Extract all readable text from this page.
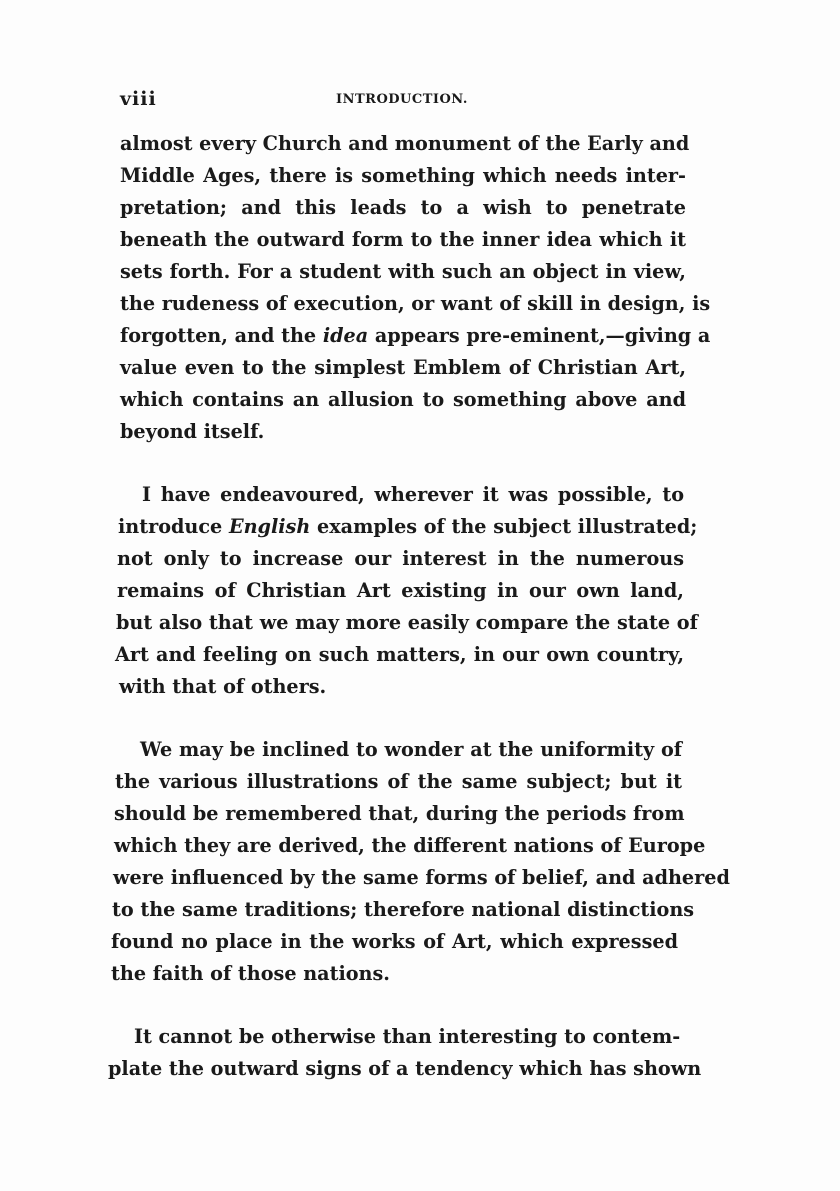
viii	INTRODUCTION.
almost every Church and monument of the Early and
Middle Ages, there is something which needs inter-
pretation; and this leads to a wish to penetrate
beneath the outward form to the inner idea which it
sets forth. For a student with such an object in view,
the rudeness of execution, or want of skill in design, is
forgotten, and the idea appears pre-eminent,—giving a
value even to the simplest Emblem of Christian Art,
which contains an allusion to something above and
beyond itself.
I have endeavoured, wherever it was possible, to
introduce English examples of the subject illustrated;
not only to increase our interest in the numerous
remains of Christian Art existing in our own land,
but also that we may more easily compare the state of
Art and feeling on such matters, in our own country,
with that of others.
We may be inclined to wonder at the uniformity of
the various illustrations of the same subject; but it
should be remembered that, during the periods from
which they are derived, the different nations of Europe
were influenced by the same forms of belief, and adhered
to the same traditions; therefore national distinctions
found no place in the works of Art, which expressed
the faith of those nations.
It cannot be otherwise than interesting to contem-
plate the outward signs of a tendency which has shown
